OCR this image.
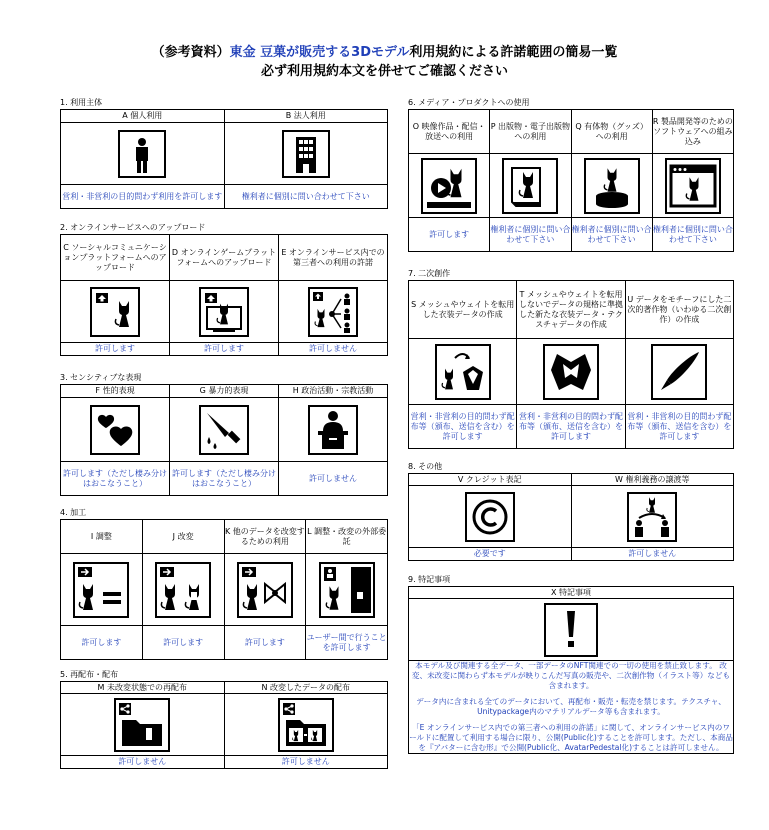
（参考資料）東金 豆菓が販売する3Dモデル利用規約による許諾範囲の簡易一覧
必ず利用規約本文を併せてご確認ください
1. 利用主体
A 個人利用	B 法人利用

営利・非営利の目的問わず利用を許可します	権利者に個別に問い合わせて下さい
2. オンラインサービスへのアップロード
C ソーシャルコミュニケーションプラットフォームへのアップロード	D オンラインゲームプラットフォームへのアップロード	E オンラインサービス内での第三者への利用の許諾

許可します	許可します	許可しません
3. センシティブな表現
F 性的表現	G 暴力的表現	H 政治活動・宗教活動

許可します（ただし棲み分けはおこなうこと）	許可します（ただし棲み分けはおこなうこと）	許可しません
4. 加工
I 調整	J 改変	K 他のデータを改変するための利用	L 調整・改変の外部委託

許可します	許可します	許可します	ユーザー間で行うことを許可します
5. 再配布・配布
M 未改変状態での再配布	N 改変したデータの配布

許可しません	許可しません
6. メディア・プロダクトへの使用
O 映像作品・配信・放送への利用	P 出版物・電子出版物への利用	Q 有体物（グッズ）への利用	R 製品開発等のためのソフトウェアへの組み込み

許可します	権利者に個別に問い合わせて下さい	権利者に個別に問い合わせて下さい	権利者に個別に問い合わせて下さい
7. 二次創作
S メッシュやウェイトを転用した衣装データの作成	T メッシュやウェイトを転用しないでデータの規格に準拠した新たな衣装データ・テクスチャデータの作成	U データをモチーフにした二次的著作物（いわゆる二次創作）の作成

営利・非営利の目的問わず配布等（頒布、送信を含む）を許可します	営利・非営利の目的問わず配布等（頒布、送信を含む）を許可します	営利・非営利の目的問わず配布等（頒布、送信を含む）を許可します
8. その他
V クレジット表記	W 権利義務の譲渡等

必要です	許可しません
9. 特記事項
X 特記事項

本モデル及び関連する全データ、一部データのNFT関連での一切の使用を禁止致します。 改変、未改変に関わらず本モデルが映りこんだ写真の販売や、二次創作物（イラスト等）なども含まれます。

データ内に含まれる全てのデータにおいて、再配布・販売・転売を禁じます。テクスチャ、Unitypackage内のマテリアルデータ等も含まれます。

「E オンラインサービス内での第三者への利用の許諾」に関して、オンラインサービス内のワールドに配置して利用する場合に限り、公開(Public化)することを許可します。ただし、本商品を『アバターに含む形』で公開(Public化、AvatarPedestal化)することは許可しません。
